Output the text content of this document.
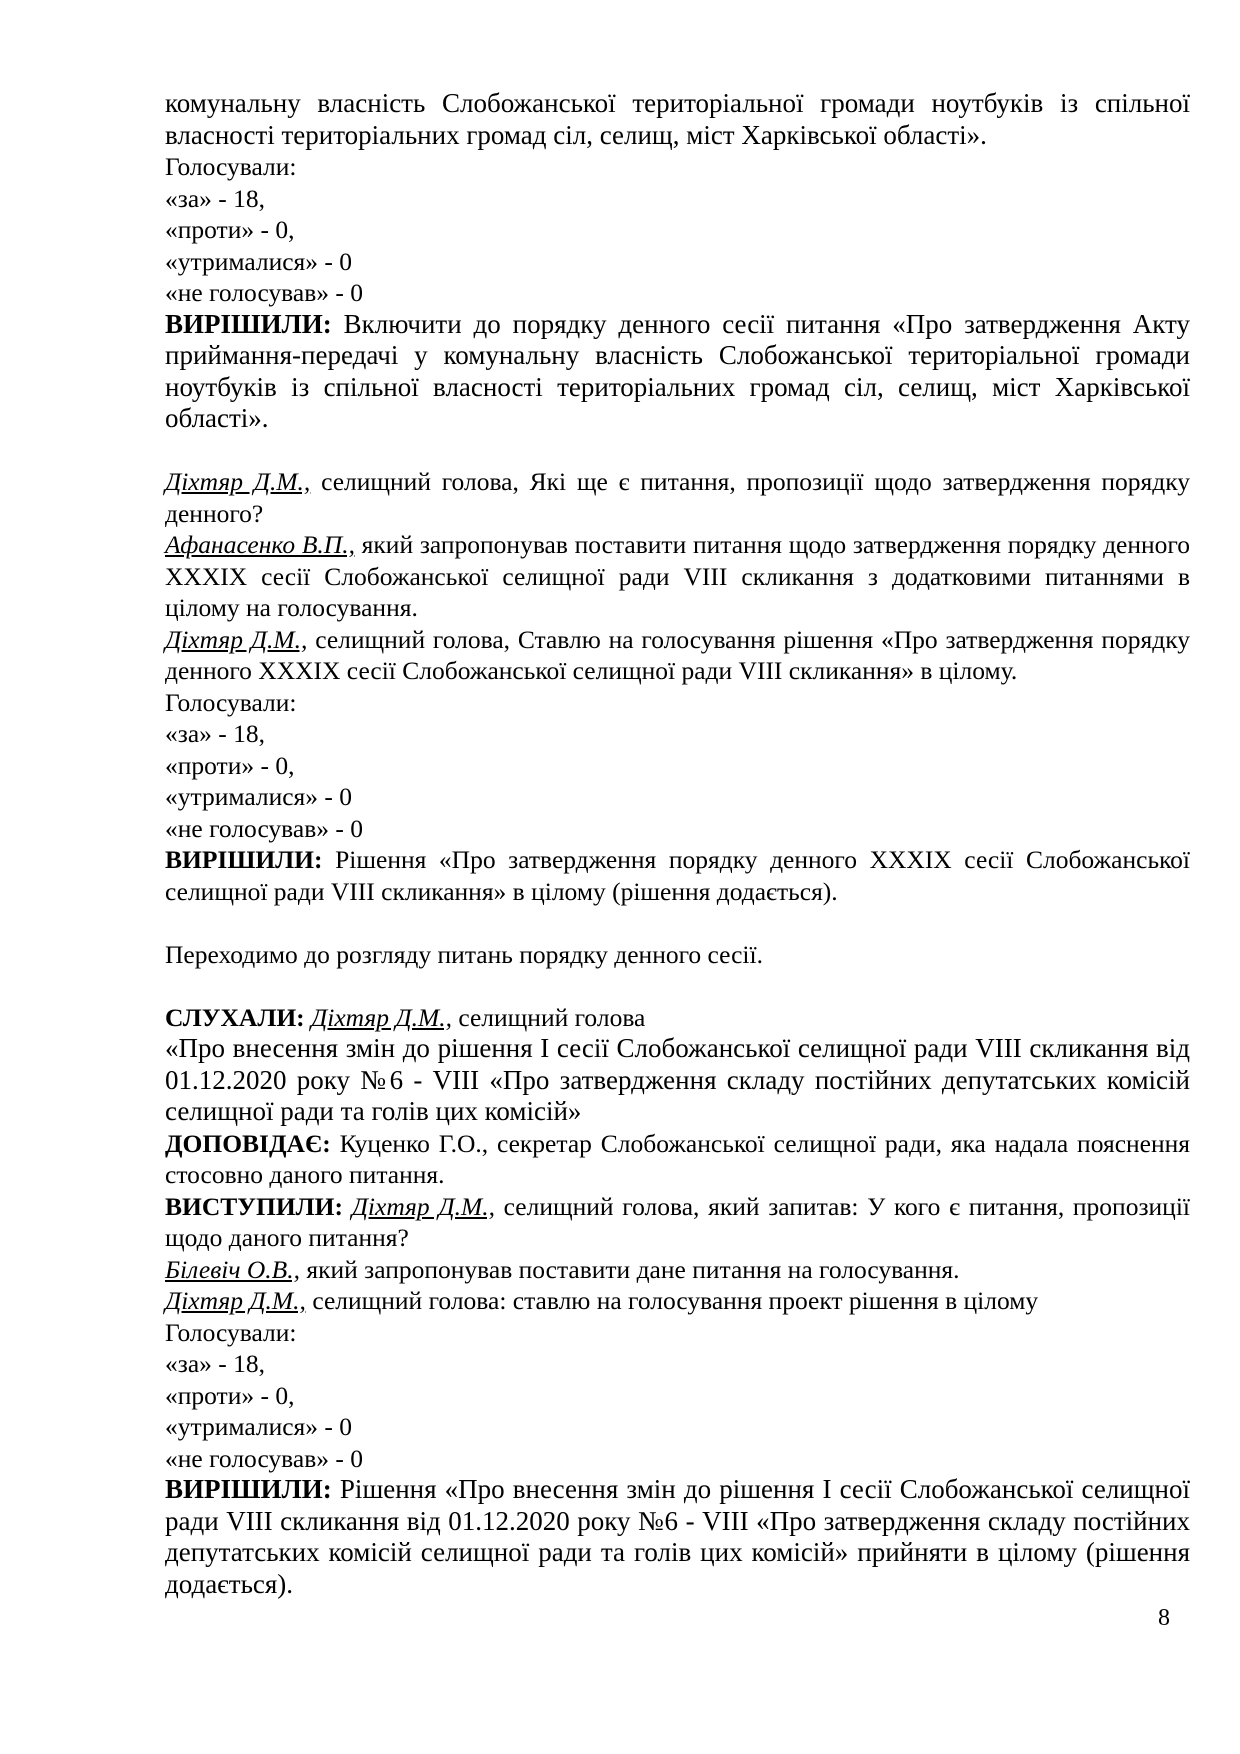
комунальну власність Слобожанської територіальної громади ноутбуків із спільної власності територіальних громад сіл, селищ, міст Харківської області».

Голосували:

«за» - 18,

«проти» - 0,

«утрималися» - 0

«не голосував» - 0

ВИРІШИЛИ: Включити до порядку денного сесії питання «Про затвердження Акту приймання-передачі у комунальну власність Слобожанської територіальної громади ноутбуків із спільної власності територіальних громад сіл, селищ, міст Харківської області».

Діхтяр Д.М., селищний голова, Які ще є питання, пропозиції щодо затвердження порядку денного?

Афанасенко В.П., який запропонував поставити питання щодо затвердження порядку денного XXXIX сесії Слобожанської селищної ради VIII скликання з додатковими питаннями в цілому на голосування.

Діхтяр Д.М., селищний голова, Ставлю на голосування рішення «Про затвердження порядку денного XXXIX сесії Слобожанської селищної ради VIII скликання» в цілому.

Голосували:

«за» - 18,

«проти» - 0,

«утрималися» - 0

«не голосував» - 0

ВИРІШИЛИ: Рішення «Про затвердження порядку денного XXXIX сесії Слобожанської селищної ради VIII скликання» в цілому (рішення додається).

Переходимо до розгляду питань порядку денного сесії.

СЛУХАЛИ: Діхтяр Д.М., селищний голова

«Про внесення змін до рішення І сесії Слобожанської селищної ради VIII скликання від 01.12.2020 року №6 - VIII «Про затвердження складу постійних депутатських комісій селищної ради та голів цих комісій»

ДОПОВІДАЄ: Куценко Г.О., секретар Слобожанської селищної ради, яка надала пояснення стосовно даного питання.

ВИСТУПИЛИ: Діхтяр Д.М., селищний голова, який запитав: У кого є питання, пропозиції щодо даного питання?

Білевіч О.В., який запропонував поставити дане питання на голосування.

Діхтяр Д.М., селищний голова: ставлю на голосування проект рішення в цілому

Голосували:

«за» - 18,

«проти» - 0,

«утрималися» - 0

«не голосував» - 0

ВИРІШИЛИ: Рішення «Про внесення змін до рішення І сесії Слобожанської селищної ради VIII скликання від 01.12.2020 року №6 - VIII «Про затвердження складу постійних депутатських комісій селищної ради та голів цих комісій» прийняти в цілому (рішення додається).

8
